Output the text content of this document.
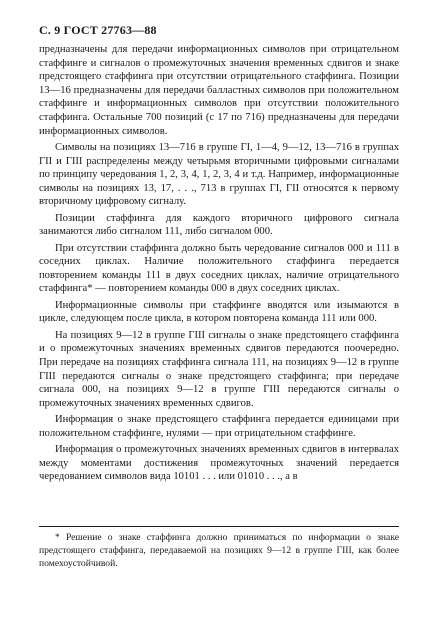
С. 9 ГОСТ 27763—88

предназначены для передачи информационных символов при отрицательном стаффинге и сигналов о промежуточных значения временных сдвигов и знаке предстоящего стаффинга при отсутствии отрицательного стаффинга. Позиции 13—16 предназначены для передачи балластных символов при положительном стаффинге и информационных символов при отсутствии положительного стаффинга. Остальные 700 позиций (с 17 по 716) предназначены для передачи информационных символов.

Символы на позициях 13—716 в группе ГI, 1—4, 9—12, 13—716 в группах ГII и ГIII распределены между четырьмя вторичными цифровыми сигналами по принципу чередования 1, 2, 3, 4, 1, 2, 3, 4 и т.д. Например, информационные символы на позициях 13, 17, . . ., 713 в группах ГI, ГII относятся к первому вторичному цифровому сигналу.

Позиции стаффинга для каждого вторичного цифрового сигнала занимаются либо сигналом 111, либо сигналом 000.

При отсутствии стаффинга должно быть чередование сигналов 000 и 111 в соседних циклах. Наличие положительного стаффинга передается повторением команды 111 в двух соседних циклах, наличие отрицательного стаффинга* — повторением команды 000 в двух соседних циклах.

Информационные символы при стаффинге вводятся или изымаются в цикле, следующем после цикла, в котором повторена команда 111 или 000.

На позициях 9—12 в группе ГIII сигналы о знаке предстоящего стаффинга и о промежуточных значениях временных сдвигов передаются поочередно. При передаче на позициях стаффинга сигнала 111, на позициях 9—12 в группе ГIII передаются сигналы о знаке предстоящего стаффинга; при передаче сигнала 000, на позициях 9—12 в группе ГIII передаются сигналы о промежуточных значениях временных сдвигов.

Информация о знаке предстоящего стаффинга передается единицами при положительном стаффинге, нулями — при отрицательном стаффинге.

Информация о промежуточных значениях временных сдвигов в интервалах между моментами достижения промежуточных значений передается чередованием символов вида 10101 . . . или 01010 . . ., а в

* Решение о знаке стаффинга должно приниматься по информации о знаке предстоящего стаффинга, передаваемой на позициях 9—12 в группе ГIII, как более помехоустойчивой.
